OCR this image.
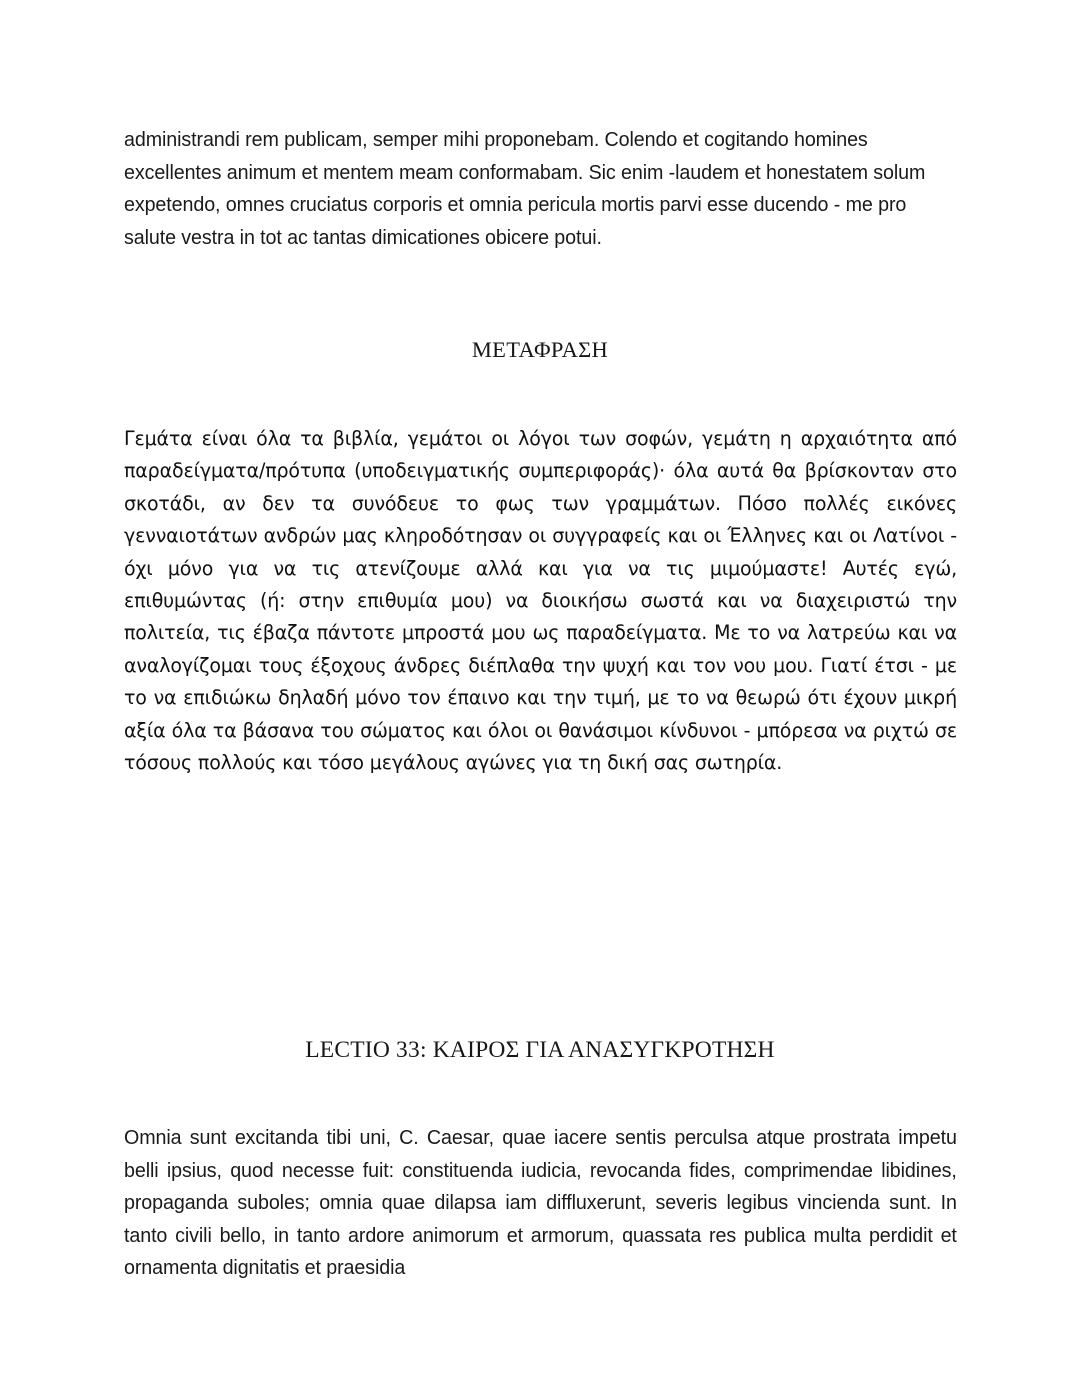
administrandi rem publicam, semper mihi proponebam. Colendo et cogitando homines excellentes animum et mentem meam conformabam. Sic enim -laudem et honestatem solum expetendo, omnes cruciatus corporis et omnia pericula mortis parvi esse ducendo - me pro salute vestra in tot ac tantas dimicationes obicere potui.
ΜΕΤΑΦΡΑΣΗ
Γεμάτα είναι όλα τα βιβλία, γεμάτοι οι λόγοι των σοφών, γεμάτη η αρχαιότητα από παραδείγματα/πρότυπα (υποδειγματικής συμπεριφοράς)· όλα αυτά θα βρίσκονταν στο σκοτάδι, αν δεν τα συνόδευε το φως των γραμμάτων. Πόσο πολλές εικόνες γενναιοτάτων ανδρών μας κληροδότησαν οι συγγραφείς και οι Έλληνες και οι Λατίνοι - όχι μόνο για να τις ατενίζουμε αλλά και για να τις μιμούμαστε! Αυτές εγώ, επιθυμώντας (ή: στην επιθυμία μου) να διοικήσω σωστά και να διαχειριστώ την πολιτεία, τις έβαζα πάντοτε μπροστά μου ως παραδείγματα. Με το να λατρεύω και να αναλογίζομαι τους έξοχους άνδρες διέπλαθα την ψυχή και τον νου μου. Γιατί έτσι - με το να επιδιώκω δηλαδή μόνο τον έπαινο και την τιμή, με το να θεωρώ ότι έχουν μικρή αξία όλα τα βάσανα του σώματος και όλοι οι θανάσιμοι κίνδυνοι - μπόρεσα να ριχτώ σε τόσους πολλούς και τόσο μεγάλους αγώνες για τη δική σας σωτηρία.
LECTIO 33: ΚΑΙΡΟΣ ΓΙΑ ΑΝΑΣΥΓΚΡΟΤΗΣΗ
Omnia sunt excitanda tibi uni, C. Caesar, quae iacere sentis perculsa atque prostrata impetu belli ipsius, quod necesse fuit: constituenda iudicia, revocanda fides, comprimendae libidines, propaganda suboles; omnia quae dilapsa iam diffluxerunt, severis legibus vincienda sunt. In tanto civili bello, in tanto ardore animorum et armorum, quassata res publica multa perdidit et ornamenta dignitatis et praesidia
